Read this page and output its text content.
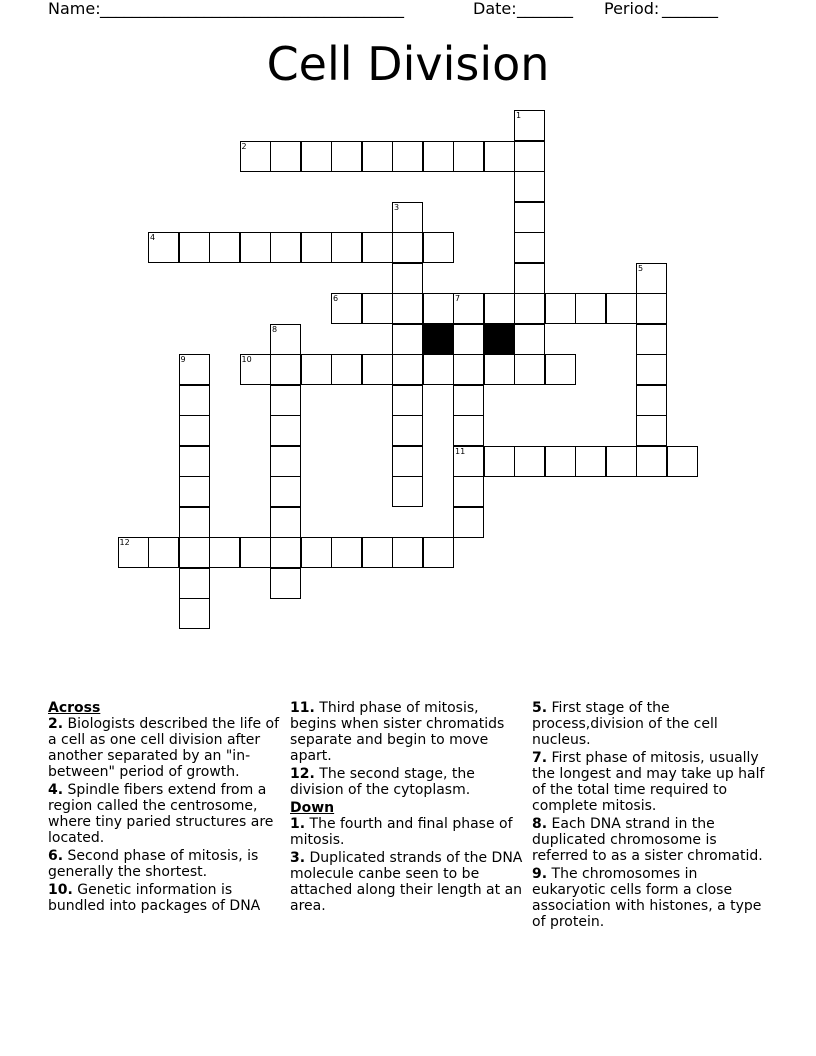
Name: ______________________________________	Date: _______ Period: _______
Cell Division
2
4
6	7
10
11
12
1
3
5
8
9

Across

2. Biologists described the life of a cell as one cell division after another separated by an "in-between" period of growth.

4. Spindle fibers extend from a region called the centrosome, where tiny paried structures are located.

6. Second phase of mitosis, is generally the shortest.

10. Genetic information is bundled into packages of DNA

11. Third phase of mitosis, begins when sister chromatids separate and begin to move apart.

12. The second stage, the division of the cytoplasm.

Down

1. The fourth and final phase of mitosis.

3. Duplicated strands of the DNA molecule canbe seen to be attached along their length at an area.

5. First stage of the process,division of the cell nucleus.

7. First phase of mitosis, usually the longest and may take up half of the total time required to complete mitosis.

8. Each DNA strand in the duplicated chromosome is referred to as a sister chromatid.

9. The chromosomes in eukaryotic cells form a close association with histones, a type of protein.
